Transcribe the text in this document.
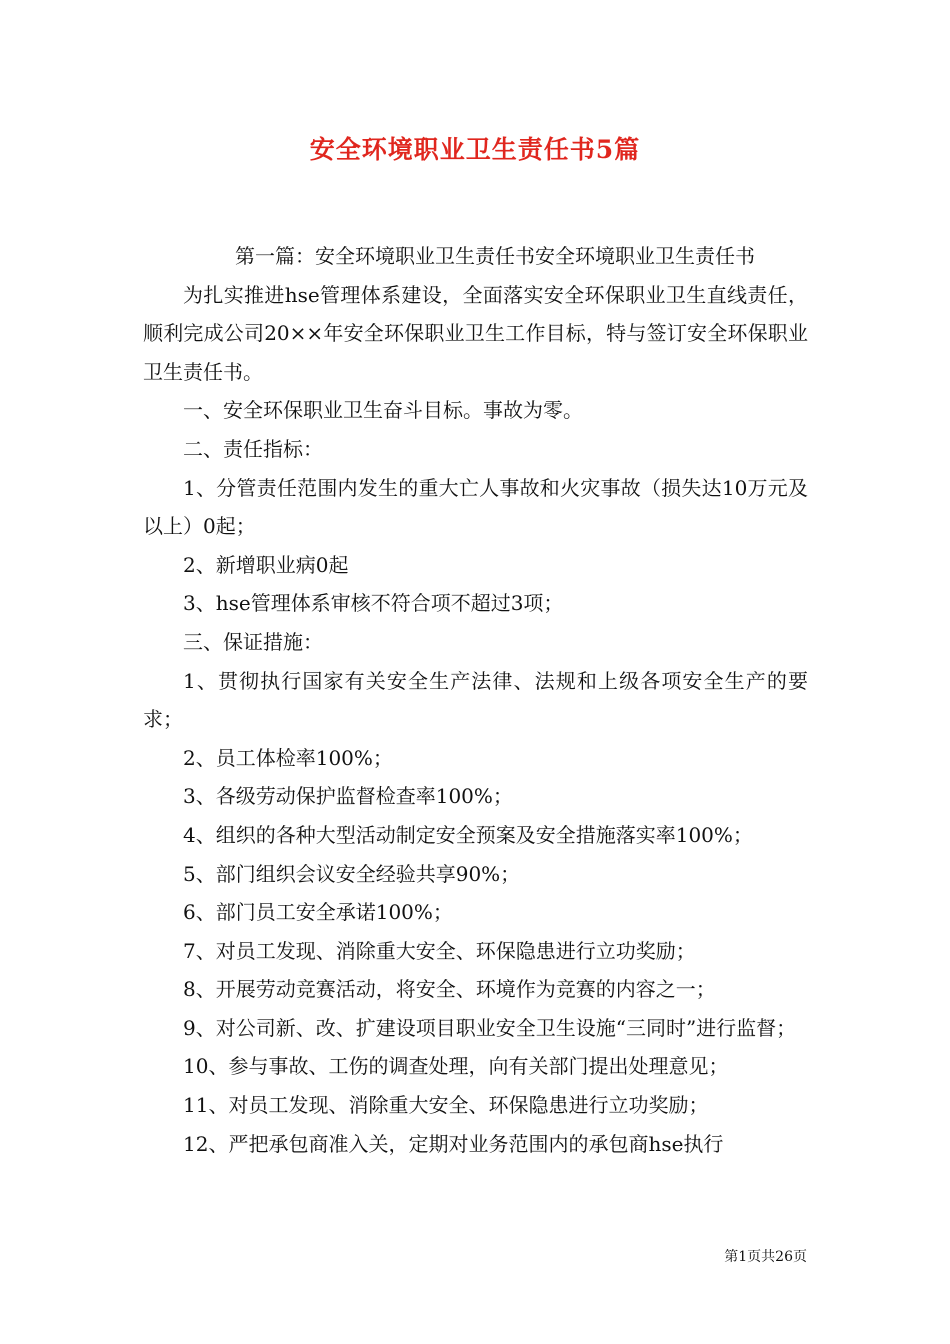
安全环境职业卫生责任书5篇

第一篇：安全环境职业卫生责任书安全环境职业卫生责任书

为扎实推进hse管理体系建设，全面落实安全环保职业卫生直线责任，顺利完成公司20××年安全环保职业卫生工作目标，特与签订安全环保职业卫生责任书。

一、安全环保职业卫生奋斗目标。事故为零。

二、责任指标：

1、分管责任范围内发生的重大亡人事故和火灾事故（损失达10万元及以上）0起；

2、新增职业病0起

3、hse管理体系审核不符合项不超过3项；

三、保证措施：

1、贯彻执行国家有关安全生产法律、法规和上级各项安全生产的要求；

2、员工体检率100%；

3、各级劳动保护监督检查率100%；

4、组织的各种大型活动制定安全预案及安全措施落实率100%；

5、部门组织会议安全经验共享90%；

6、部门员工安全承诺100%；

7、对员工发现、消除重大安全、环保隐患进行立功奖励；

8、开展劳动竞赛活动，将安全、环境作为竞赛的内容之一；

9、对公司新、改、扩建设项目职业安全卫生设施“三同时”进行监督；

10、参与事故、工伤的调查处理，向有关部门提出处理意见；

11、对员工发现、消除重大安全、环保隐患进行立功奖励；

12、严把承包商准入关，定期对业务范围内的承包商hse执行

第1页共26页
